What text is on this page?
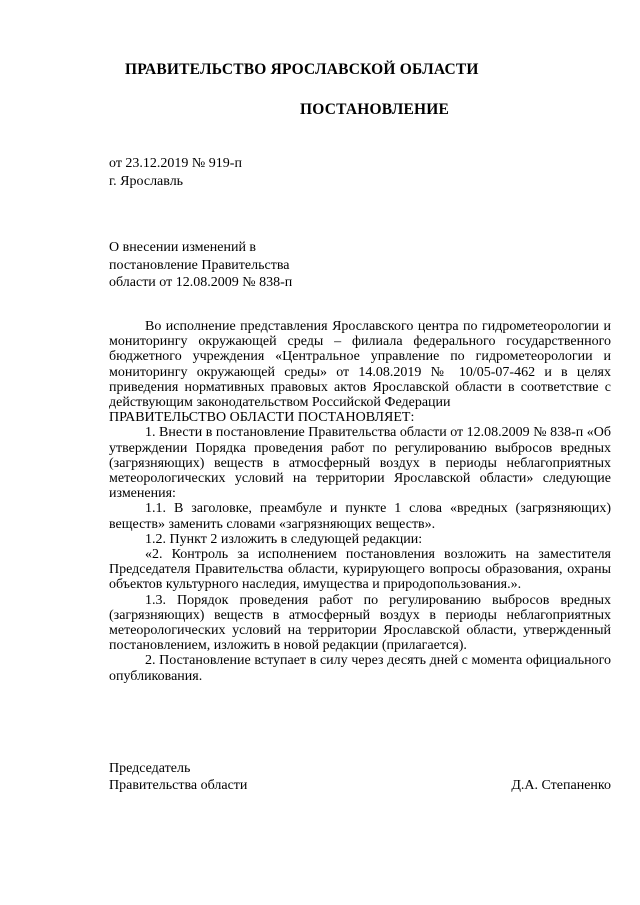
ПРАВИТЕЛЬСТВО ЯРОСЛАВСКОЙ ОБЛАСТИ
ПОСТАНОВЛЕНИЕ
от 23.12.2019 № 919-п
г. Ярославль
О внесении изменений в
постановление Правительства
области от 12.08.2009 № 838-п

Во исполнение представления Ярославского центра по гидрометеорологии и мониторингу окружающей среды – филиала федерального государственного бюджетного учреждения «Центральное управление по гидрометеорологии и мониторингу окружающей среды» от 14.08.2019 № 10/05-07-462 и в целях приведения нормативных правовых актов Ярославской области в соответствие с действующим законодательством Российской Федерации

ПРАВИТЕЛЬСТВО ОБЛАСТИ ПОСТАНОВЛЯЕТ:

1. Внести в постановление Правительства области от 12.08.2009 № 838-п «Об утверждении Порядка проведения работ по регулированию выбросов вредных (загрязняющих) веществ в атмосферный воздух в периоды неблагоприятных метеорологических условий на территории Ярославской области» следующие изменения:

1.1. В заголовке, преамбуле и пункте 1 слова «вредных (загрязняющих) веществ» заменить словами «загрязняющих веществ».

1.2. Пункт 2 изложить в следующей редакции:

«2. Контроль за исполнением постановления возложить на заместителя Председателя Правительства области, курирующего вопросы образования, охраны объектов культурного наследия, имущества и природопользования.».

1.3. Порядок проведения работ по регулированию выбросов вредных (загрязняющих) веществ в атмосферный воздух в периоды неблагоприятных метеорологических условий на территории Ярославской области, утвержденный постановлением, изложить в новой редакции (прилагается).

2. Постановление вступает в силу через десять дней с момента официального опубликования.

Председатель
Правительства области	Д.А. Степаненко
